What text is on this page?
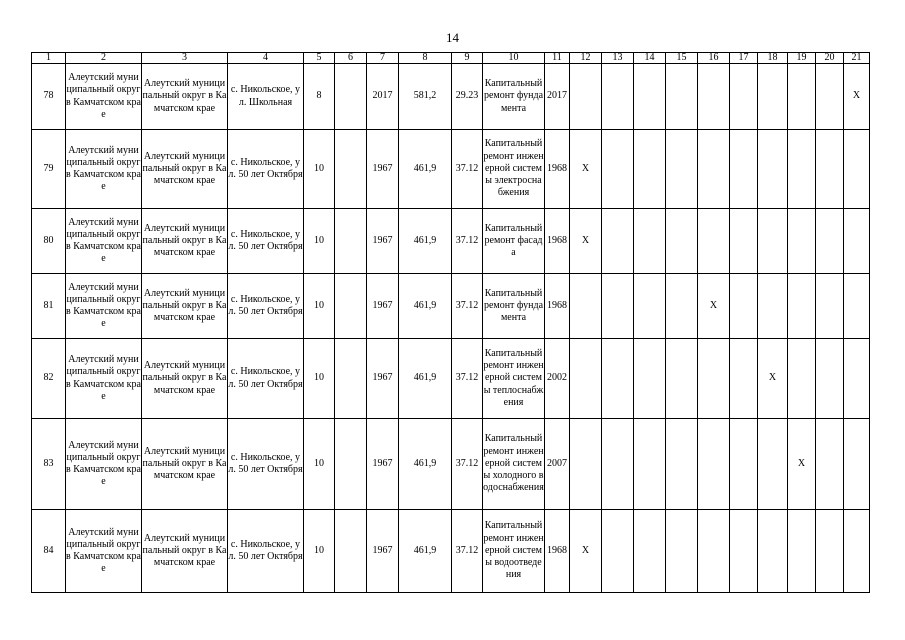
14
1	2	3	4	5	6	7	8	9	10	11	12	13	14	15	16	17	18	19	20	21
78	Алеутский муниципальный округ в Камчатском крае	Алеутский муниципальный округ в Камчатском крае	с. Никольское, ул. Школьная	8		2017	581,2	29.23	Капитальный ремонт фундамента	2017										X
79	Алеутский муниципальный округ в Камчатском крае	Алеутский муниципальный округ в Камчатском крае	с. Никольское, ул. 50 лет Октября	10		1967	461,9	37.12	Капитальный ремонт инженерной системы электроснабжения	1968	X									
80	Алеутский муниципальный округ в Камчатском крае	Алеутский муниципальный округ в Камчатском крае	с. Никольское, ул. 50 лет Октября	10		1967	461,9	37.12	Капитальный ремонт фасада	1968	X									
81	Алеутский муниципальный округ в Камчатском крае	Алеутский муниципальный округ в Камчатском крае	с. Никольское, ул. 50 лет Октября	10		1967	461,9	37.12	Капитальный ремонт фундамента	1968					X					
82	Алеутский муниципальный округ в Камчатском крае	Алеутский муниципальный округ в Камчатском крае	с. Никольское, ул. 50 лет Октября	10		1967	461,9	37.12	Капитальный ремонт инженерной системы теплоснабжения	2002							X			
83	Алеутский муниципальный округ в Камчатском крае	Алеутский муниципальный округ в Камчатском крае	с. Никольское, ул. 50 лет Октября	10		1967	461,9	37.12	Капитальный ремонт инженерной системы холодного водоснабжения	2007								X		
84	Алеутский муниципальный округ в Камчатском крае	Алеутский муниципальный округ в Камчатском крае	с. Никольское, ул. 50 лет Октября	10		1967	461,9	37.12	Капитальный ремонт инженерной системы водоотведения	1968	X									
